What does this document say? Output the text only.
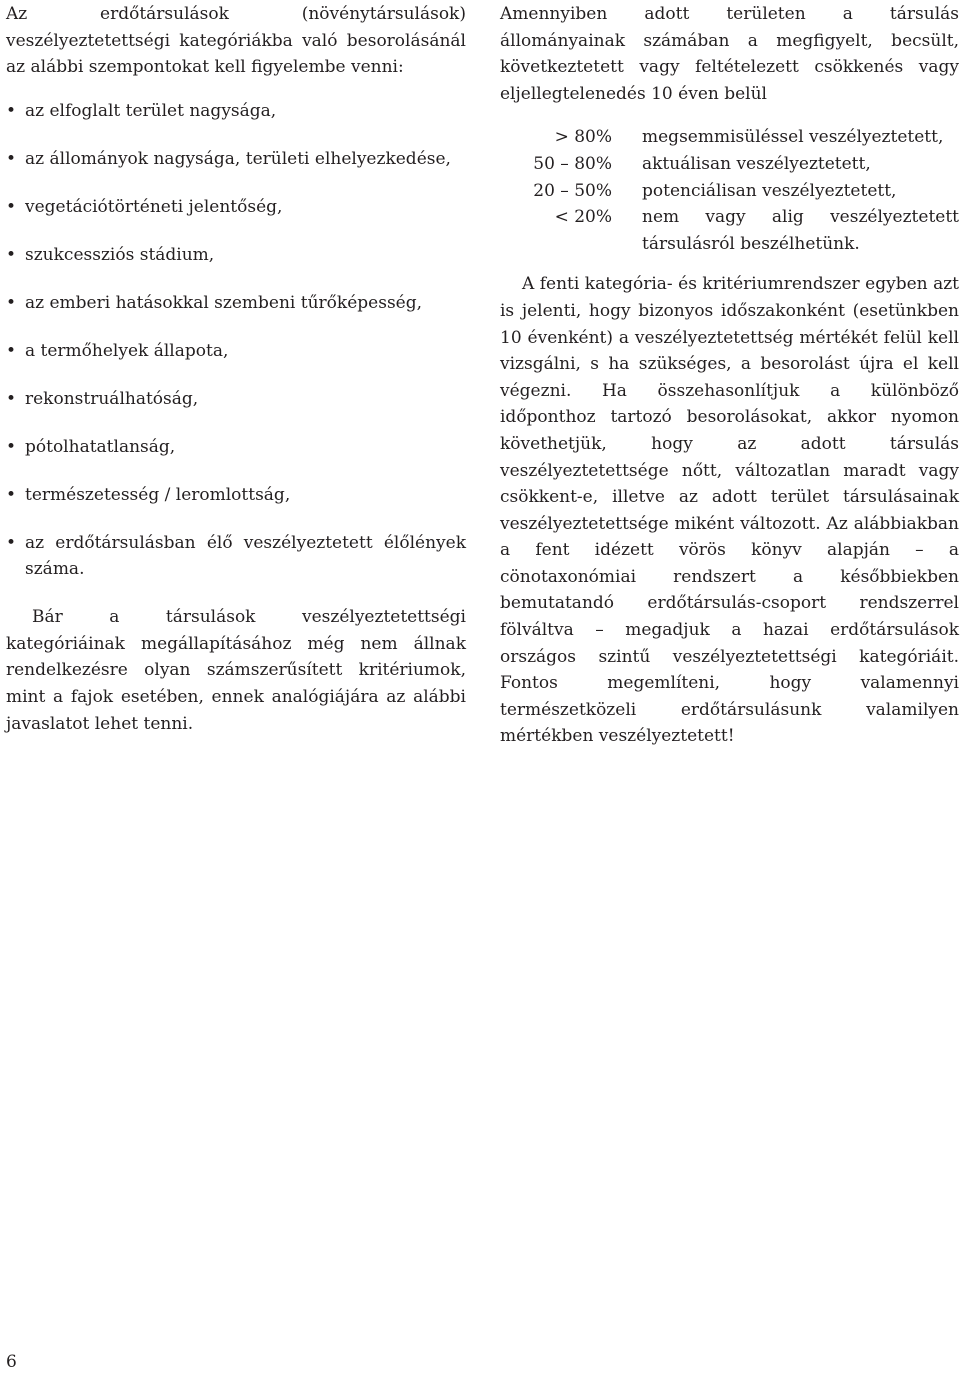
Az erdőtársulások (növénytársulások) veszélyeztetettségi kategóriákba való besorolásánál az alábbi szempontokat kell figyelembe venni:

• az elfoglalt terület nagysága,
• az állományok nagysága, területi elhelyezkedése,
• vegetációtörténeti jelentőség,
• szukcessziós stádium,
• az emberi hatásokkal szembeni tűrőképesség,
• a termőhelyek állapota,
• rekonstruálhatóság,
• pótolhatatlanság,
• természetesség / leromlottság,
• az erdőtársulásban élő veszélyeztetett élőlények száma.

Bár a társulások veszélyeztetettségi kategóriáinak megállapításához még nem állnak rendelkezésre olyan számszerűsített kritériumok, mint a fajok esetében, ennek analógiájára az alábbi javaslatot lehet tenni.

Amennyiben adott területen a társulás állományainak számában a megfigyelt, becsült, következtetett vagy feltételezett csökkenés vagy eljellegtelenedés 10 éven belül

> 80% megsemmisüléssel veszélyeztetett,
50 – 80% aktuálisan veszélyeztetett,
20 – 50% potenciálisan veszélyeztetett,
< 20% nem vagy alig veszélyeztetett társulásról beszélhetünk.

A fenti kategória- és kritériumrendszer egyben azt is jelenti, hogy bizonyos időszakonként (esetünkben 10 évenként) a veszélyeztetettség mértékét felül kell vizsgálni, s ha szükséges, a besorolást újra el kell végezni. Ha összehasonlítjuk a különböző időponthoz tartozó besorolásokat, akkor nyomon követhetjük, hogy az adott társulás veszélyeztetettsége nőtt, változatlan maradt vagy csökkent-e, illetve az adott terület társulásainak veszélyeztetettsége miként változott. Az alábbiakban a fent idézett vörös könyv alapján – a cönotaxonómiai rendszert a későbbiekben bemutatandó erdőtársulás-csoport rendszerrel fölváltva – megadjuk a hazai erdőtársulások országos szintű veszélyeztetettségi kategóriáit. Fontos megemlíteni, hogy valamennyi természetközeli erdőtársulásunk valamilyen mértékben veszélyeztetett!

6
